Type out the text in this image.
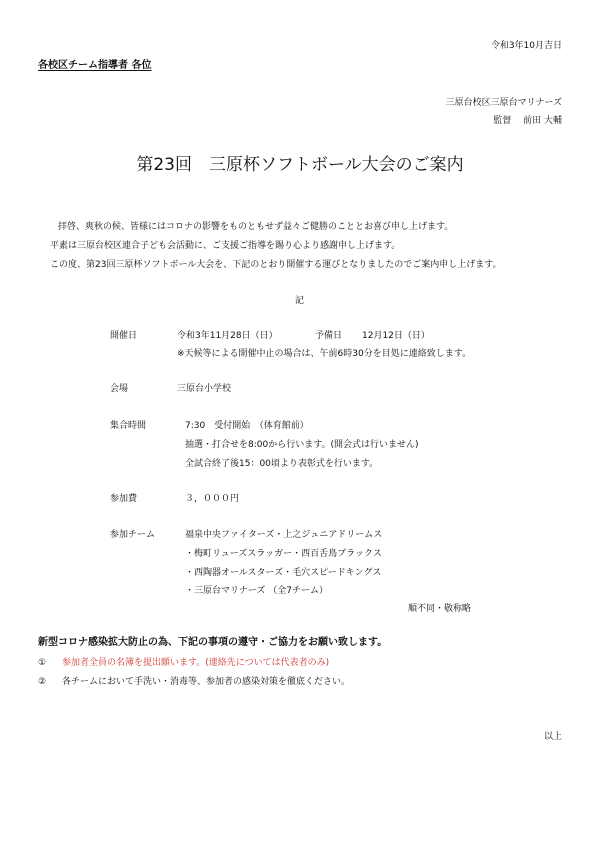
令和3年10月吉日
各校区チーム指導者 各位
三原台校区三原台マリナーズ
監督　 前田 大輔
第23回　三原杯ソフトボール大会のご案内
拝啓、爽秋の候、皆様にはコロナの影響をものともせず益々ご健勝のこととお喜び申し上げます。
平素は三原台校区連合子ども会活動に、ご支援ご指導を賜り心より感謝申し上げます。
この度、第23回三原杯ソフトボール大会を、下記のとおり開催する運びとなりましたのでご案内申し上げます。
記
開催日	令和3年11月28日（日）	予備日 12月12日（日）
※天候等による開催中止の場合は、午前6時30分を目処に連絡致します。
会場	三原台小学校
集合時間	7:30　受付開始　（体育館前）
抽選・打合せを8:00から行います。(開会式は行いません)
全試合終了後15：00頃より表彰式を行います。
参加費	３，０００円
参加チーム	福泉中央ファイターズ・上之ジュニアドリームス
・梅町リューズスラッガー・西百舌鳥ブラックス
・西陶器オールスターズ・毛穴スピードキングス
・三原台マリナーズ （全7チーム）
順不同・敬称略
新型コロナ感染拡大防止の為、下記の事項の遵守・ご協力をお願い致します。
① 参加者全員の名簿を提出願います。(連絡先については代表者のみ)
② 各チームにおいて手洗い・消毒等、参加者の感染対策を徹底ください。
以上
